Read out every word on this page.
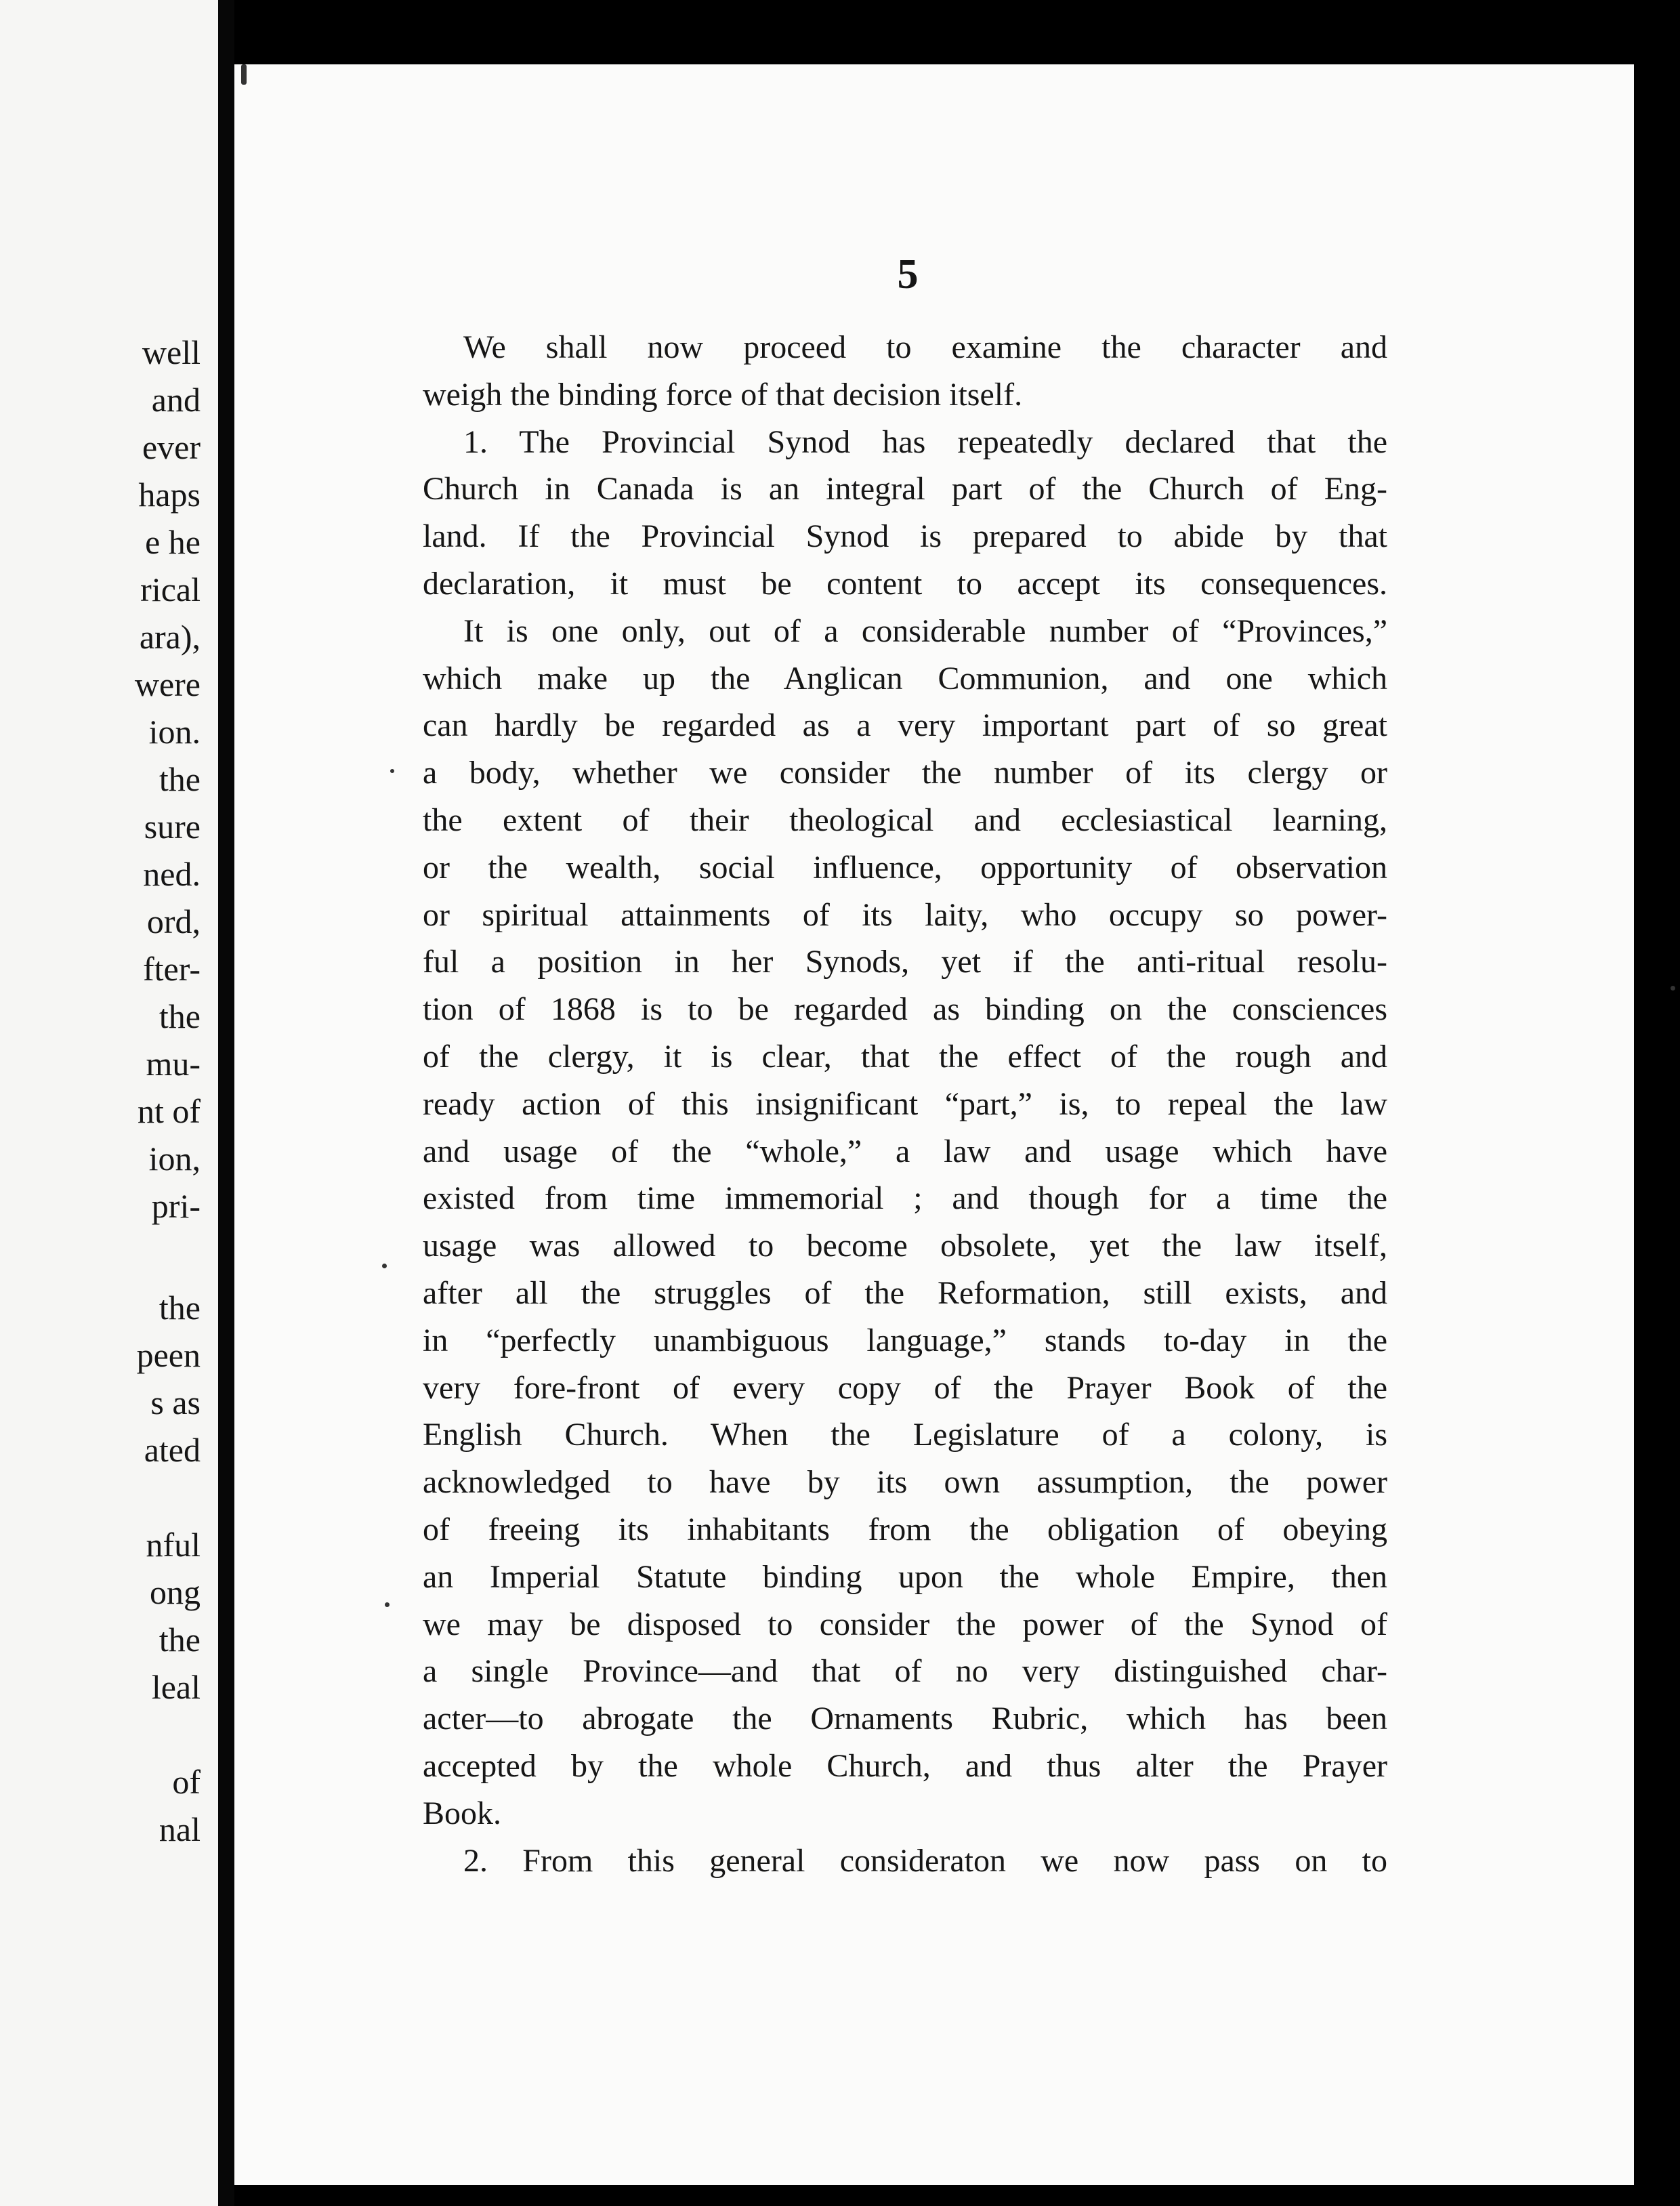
well
and
ever
haps
e he
rical
ara),
were
ion.
the
sure
ned.
ord,
fter-
the
mu-
nt of
ion,
pri-
the
peen
s as
ated
nful
ong
the
leal
of
nal
5
We shall now proceed to examine the character and
weigh the binding force of that decision itself.
1. The Provincial Synod has repeatedly declared that the
Church in Canada is an integral part of the Church of Eng-
land. If the Provincial Synod is prepared to abide by that
declaration, it must be content to accept its consequences.
It is one only, out of a considerable number of “Provinces,”
which make up the Anglican Communion, and one which
can hardly be regarded as a very important part of so great
a body, whether we consider the number of its clergy or
the extent of their theological and ecclesiastical learning,
or the wealth, social influence, opportunity of observation
or spiritual attainments of its laity, who occupy so power-
ful a position in her Synods, yet if the anti-ritual resolu-
tion of 1868 is to be regarded as binding on the consciences
of the clergy, it is clear, that the effect of the rough and
ready action of this insignificant “part,” is, to repeal the law
and usage of the “whole,” a law and usage which have
existed from time immemorial ; and though for a time the
usage was allowed to become obsolete, yet the law itself,
after all the struggles of the Reformation, still exists, and
in “perfectly unambiguous language,” stands to-day in the
very fore-front of every copy of the Prayer Book of the
English Church. When the Legislature of a colony, is
acknowledged to have by its own assumption, the power
of freeing its inhabitants from the obligation of obeying
an Imperial Statute binding upon the whole Empire, then
we may be disposed to consider the power of the Synod of
a single Province—and that of no very distinguished char-
acter—to abrogate the Ornaments Rubric, which has been
accepted by the whole Church, and thus alter the Prayer
Book.
2. From this general consideraton we now pass on to
